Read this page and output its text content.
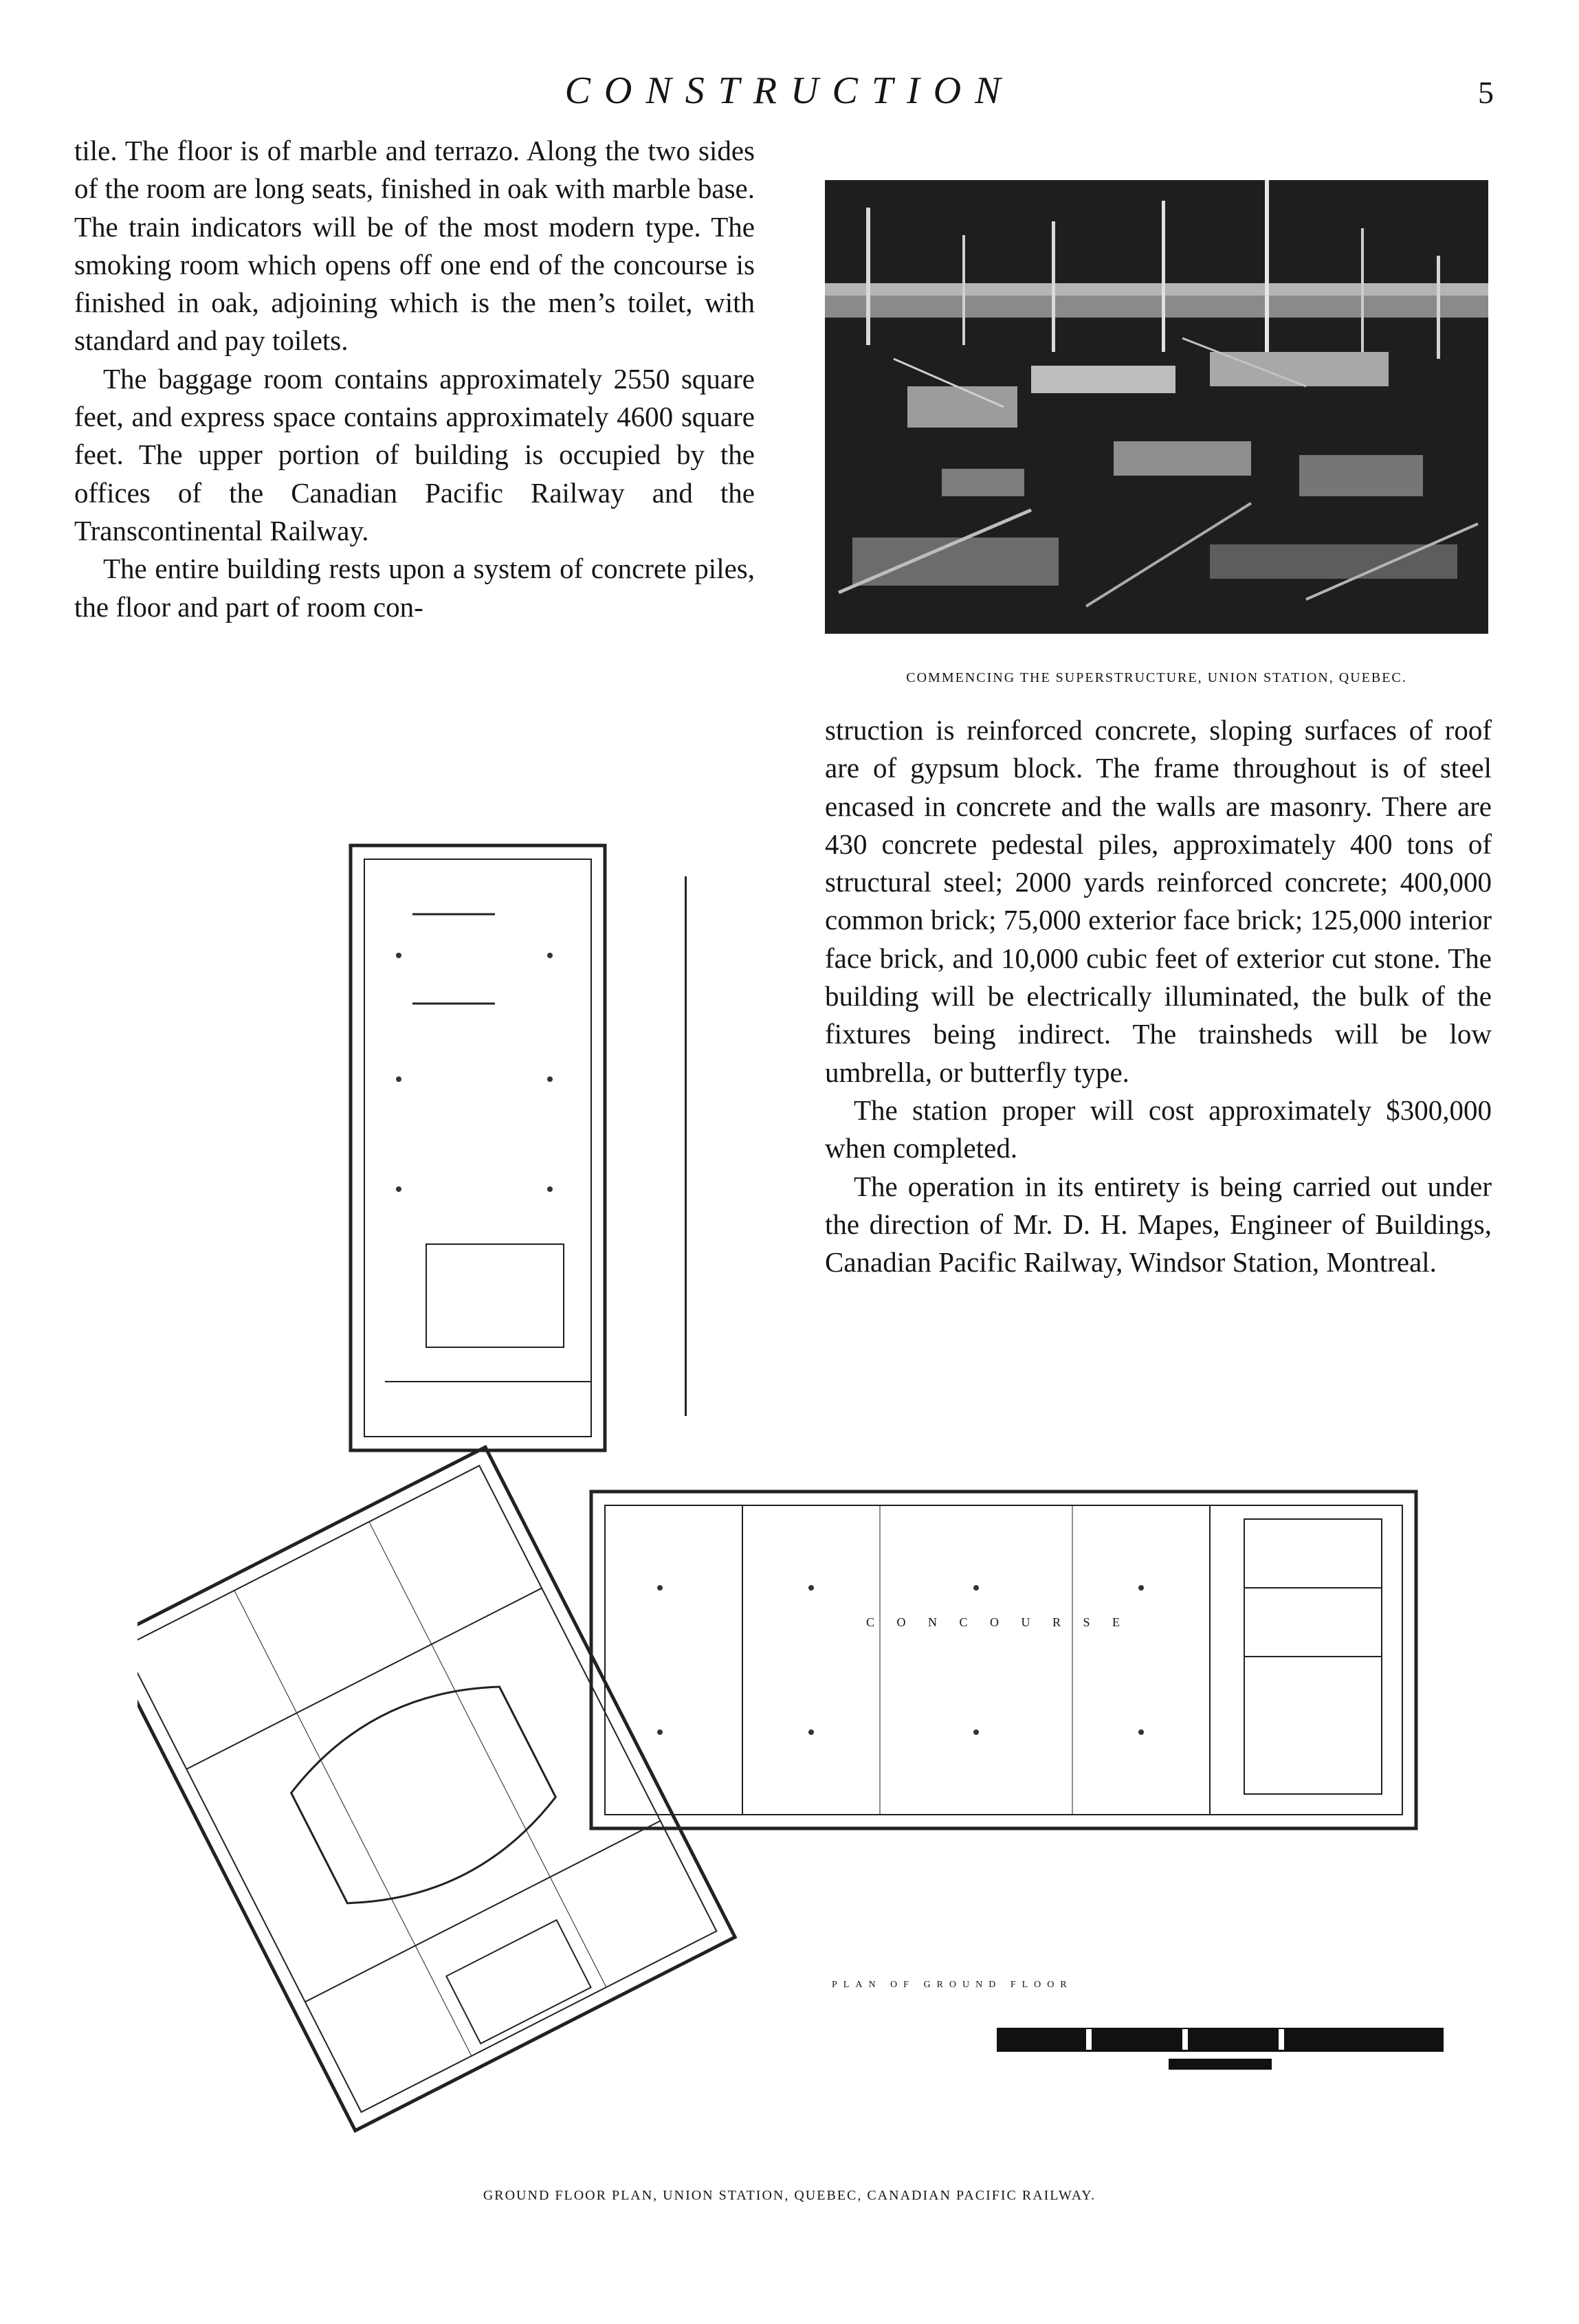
CONSTRUCTION	5

tile. The floor is of marble and terrazo. Along the two sides of the room are long seats, finished in oak with marble base. The train indicators will be of the most modern type. The smoking room which opens off one end of the concourse is finished in oak, adjoining which is the men’s toilet, with standard and pay toilets.

The baggage room contains approximately 2550 square feet, and express space contains approximately 4600 square feet. The upper portion of building is occupied by the offices of the Canadian Pacific Railway and the Transcontinental Railway.

The entire building rests upon a system of concrete piles, the floor and part of room con-

COMMENCING THE SUPERSTRUCTURE, UNION STATION, QUEBEC.

struction is reinforced concrete, sloping surfaces of roof are of gypsum block. The frame throughout is of steel encased in concrete and the walls are masonry. There are 430 concrete pedestal piles, approximately 400 tons of structural steel; 2000 yards reinforced concrete; 400,000 common brick; 75,000 exterior face brick; 125,000 interior face brick, and 10,000 cubic feet of exterior cut stone. The building will be electrically illuminated, the bulk of the fixtures being indirect. The trainsheds will be low umbrella, or butterfly type.

The station proper will cost approximately $300,000 when completed.

The operation in its entirety is being carried out under the direction of Mr. D. H. Mapes, Engineer of Buildings, Canadian Pacific Railway, Windsor Station, Montreal.

C O N C O U R S E
PLAN OF GROUND FLOOR
GROUND FLOOR PLAN, UNION STATION, QUEBEC, CANADIAN PACIFIC RAILWAY.
